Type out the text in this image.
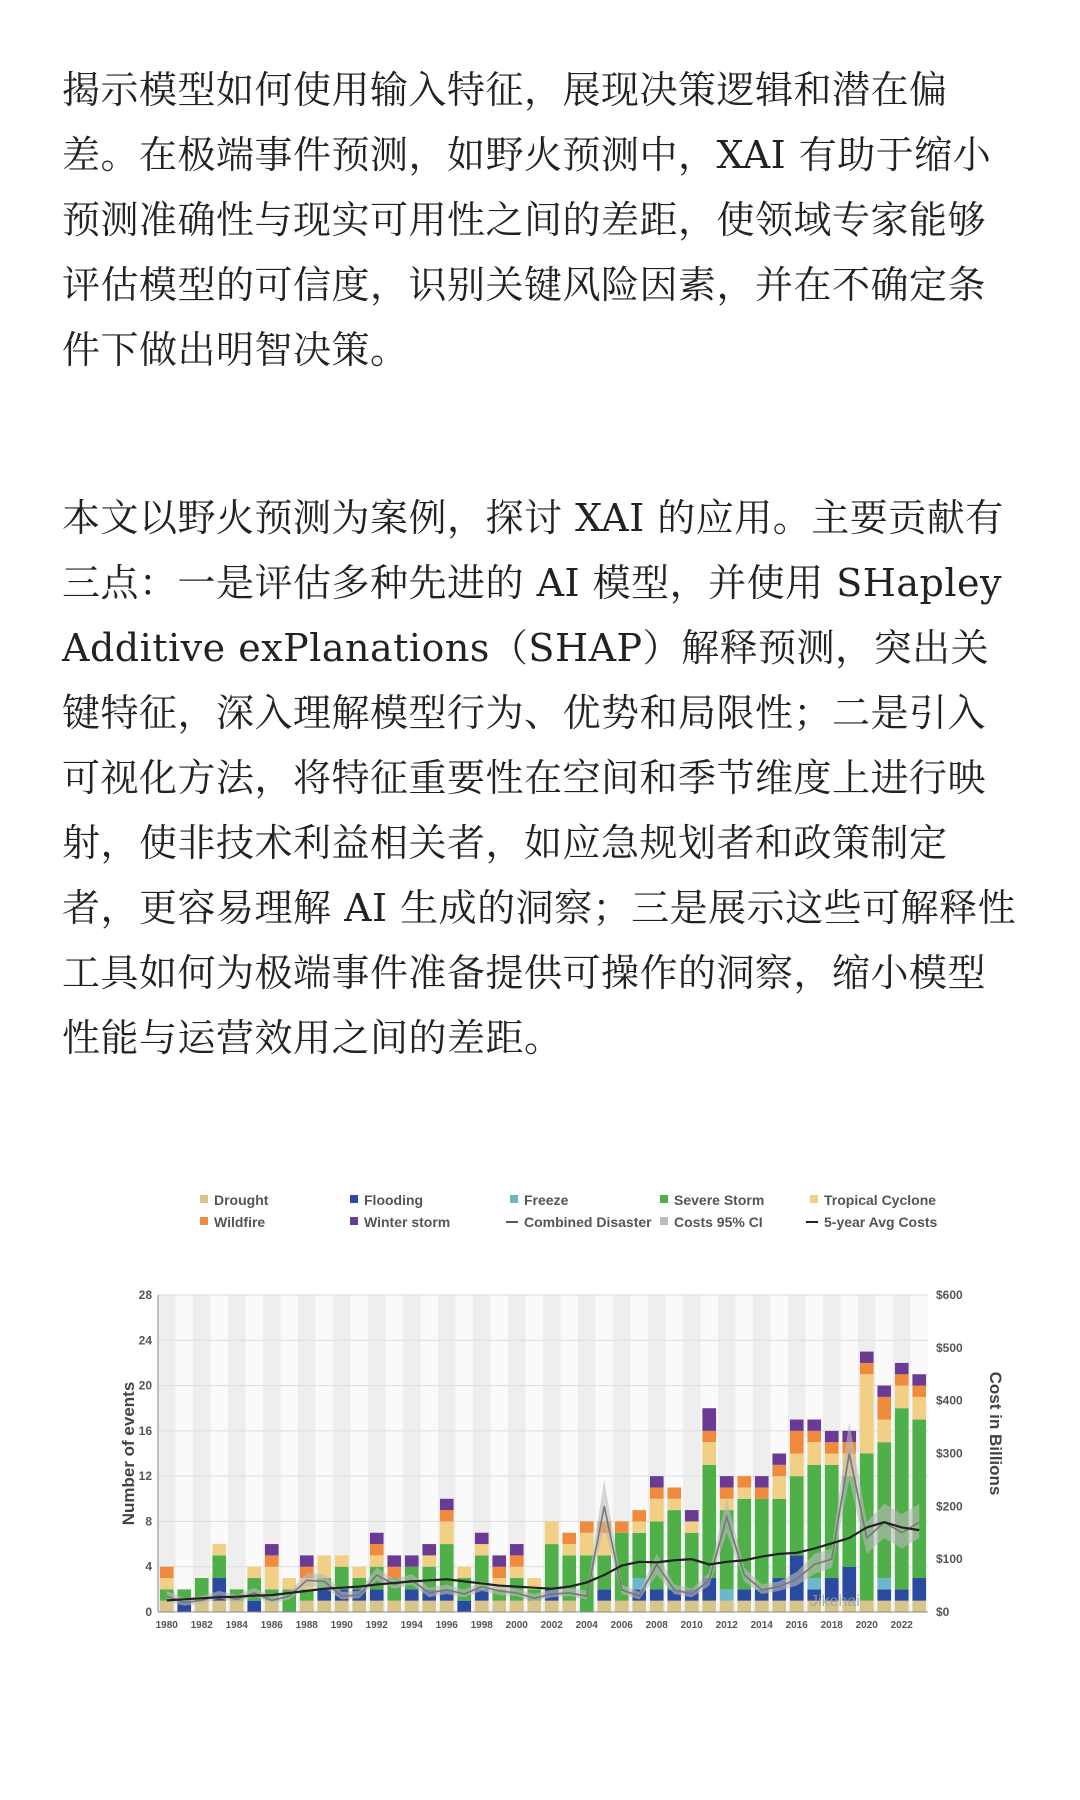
揭示模型如何使用输入特征，展现决策逻辑和潜在偏差。在极端事件预测，如野火预测中，XAI 有助于缩小预测准确性与现实可用性之间的差距，使领域专家能够评估模型的可信度，识别关键风险因素，并在不确定条件下做出明智决策。
本文以野火预测为案例，探讨 XAI 的应用。主要贡献有三点：一是评估多种先进的 AI 模型，并使用 SHapley Additive exPlanations（SHAP）解释预测，突出关键特征，深入理解模型行为、优势和局限性；二是引入可视化方法，将特征重要性在空间和季节维度上进行映射，使非技术利益相关者，如应急规划者和政策制定者，更容易理解 AI 生成的洞察；三是展示这些可解释性工具如何为极端事件准备提供可操作的洞察，缩小模型性能与运营效用之间的差距。
Drought	Flooding	Freeze	Severe Storm	Tropical Cyclone
Wildfire	Winter storm	Combined Disaster Costs 95% CI	5-year Avg Costs
0
4
8
12
16
20
24
28
$0
$100
$200
$300
$400
$500
$600
1980 1982 1984 1986 1988 1990 1992 1994 1996 1998 2000 2002 2004 2006 2008 2010 2012 2014 2016 2018 2020 2022
Number of events	Cost in Billions
Jikehai
